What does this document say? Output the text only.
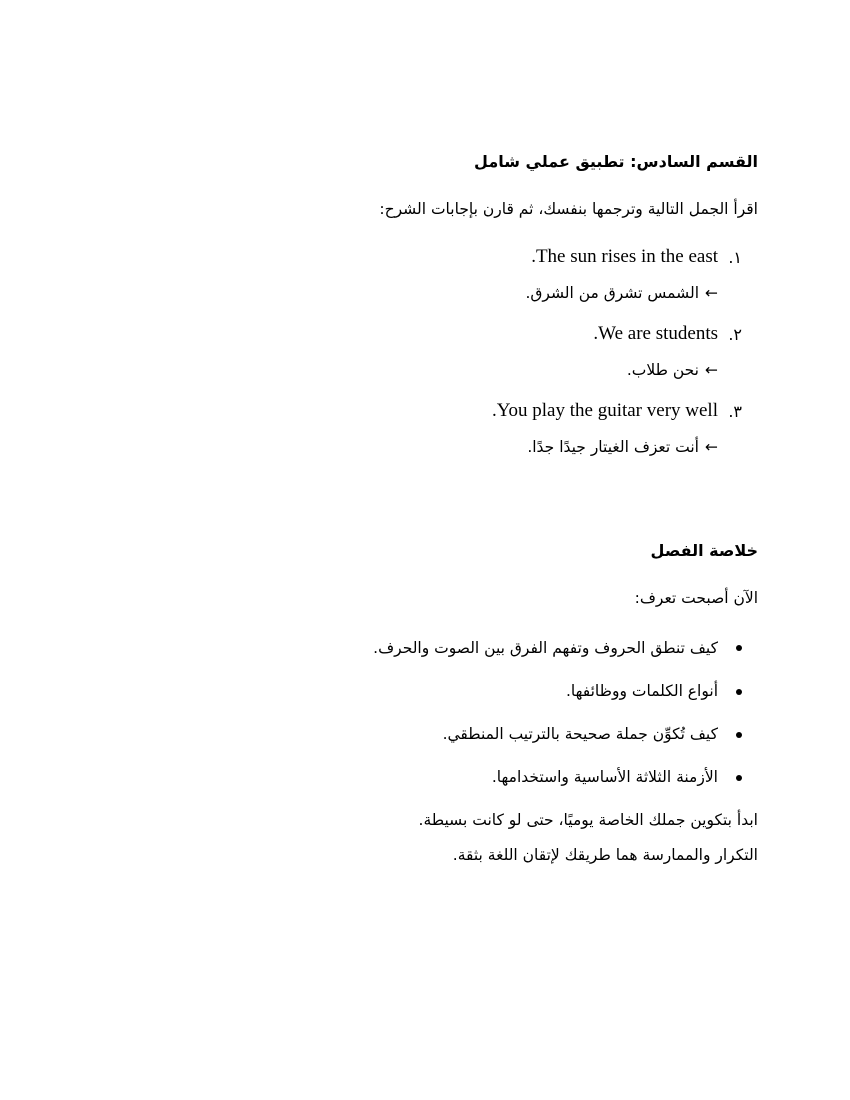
القسم السادس: تطبيق عملي شامل
اقرأ الجمل التالية وترجمها بنفسك، ثم قارن بإجابات الشرح:
١.
The sun rises in the east.
←الشمس تشرق من الشرق.
٢.
We are students.
←نحن طلاب.
٣.
You play the guitar very well.
←أنت تعزف الغيتار جيدًا جدًا.
خلاصة الفصل
الآن أصبحت تعرف:
كيف تنطق الحروف وتفهم الفرق بين الصوت والحرف.
أنواع الكلمات ووظائفها.
كيف تُكوِّن جملة صحيحة بالترتيب المنطقي.
الأزمنة الثلاثة الأساسية واستخدامها.
ابدأ بتكوين جملك الخاصة يوميًا، حتى لو كانت بسيطة.
التكرار والممارسة هما طريقك لإتقان اللغة بثقة.
